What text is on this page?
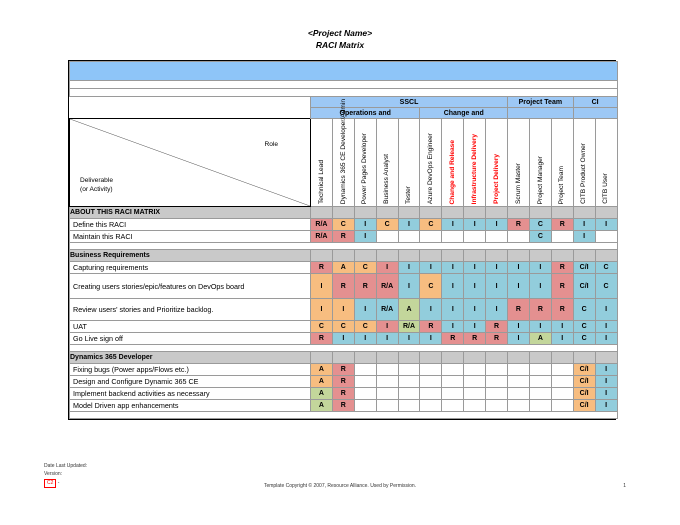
<Project Name>
RACI Matrix

	SSCL									Project Team			CI	
	Operations and					Change and								

Role
Deliverable
(or Activity)	Technical Lead	Dynamics 365 CE Developer/Admin	Power Pages Developer	Business Analyst	Tester	Azure DevOps Engineer	Change and Release	Infrastructure Delivery	Project Delivery	Scrum Master	Project Manager	Project Team	CITB Product Owner	CITB User

ABOUT THIS RACI MATRIX														
Define this RACI	R/A	C	I	C	I	C	I	I	I	R	C	R	I	I
Maintain this RACI	R/A	R	I								C		I	

Business Requirements														
Capturing requirements	R	A	C	I	I	I	I	I	I	I	I	R	C/I	C
Creating users stories/epic/features on DevOps board	I	R	R	R/A	I	C	I	I	I	I	I	R	C/I	C
Review users' stories and Prioritize backlog.	I	I	I	R/A	A	I	I	I	I	R	R	R	C	I
UAT	C	C	C	I	R/A	R	I	I	R	I	I	I	C	I
Go Live sign off	R	I	I	I	I	I	R	R	R	I	A	I	C	I

Dynamics 365 Developer														
Fixing bugs (Power apps/Flows etc.)	A	R											C/I	I
Design and Configure Dynamic 365 CE	A	R											C/I	I
Implement backend activities as necessary	A	R											C/I	I
Model Driven app enhancements	A	R											C/I	I

Date Last Updated:
Version:
C2 -	Template Copyright © 2007, Resource Alliance. Used by Permission.	1
